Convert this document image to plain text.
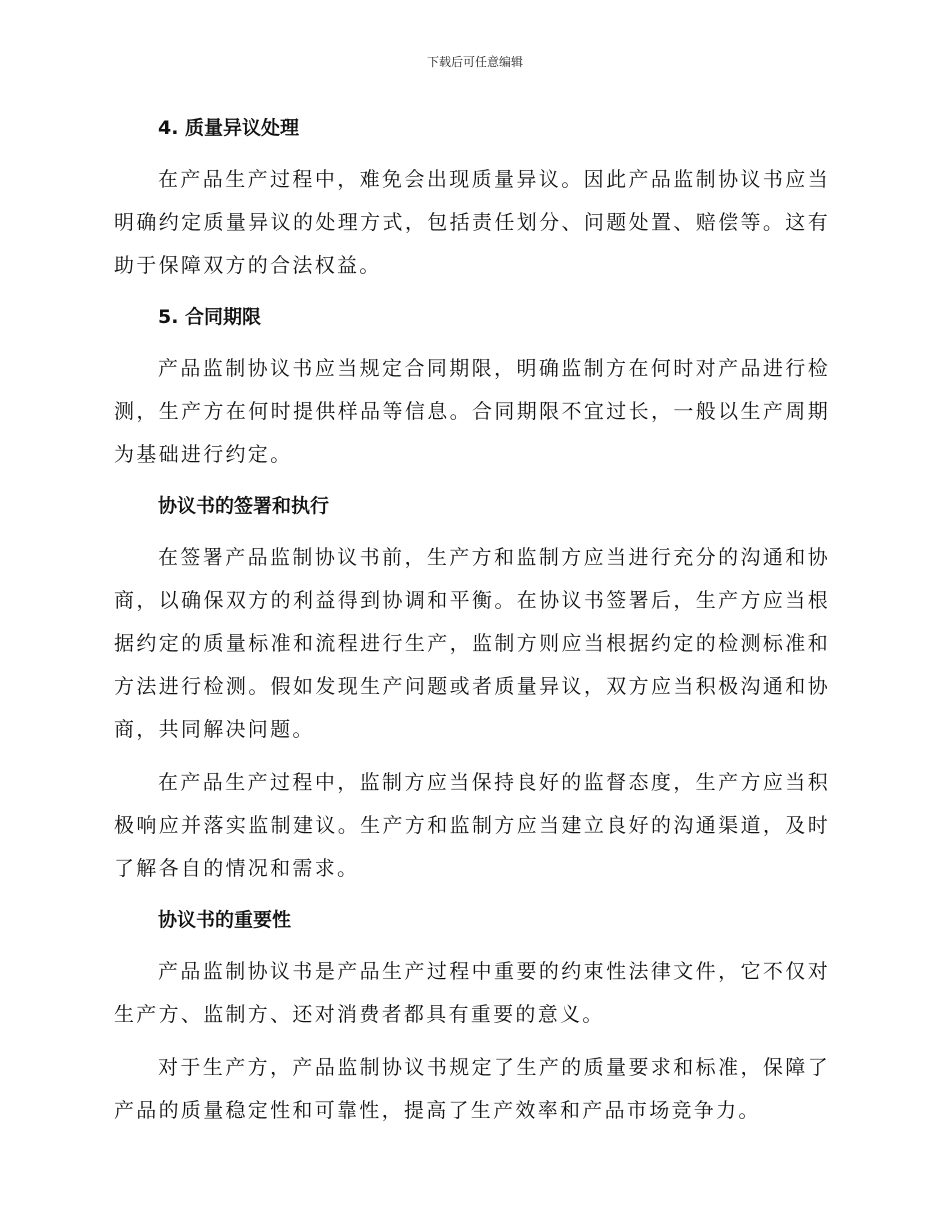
下载后可任意编辑
4. 质量异议处理

在产品生产过程中，难免会出现质量异议。因此产品监制协议书应当明确约定质量异议的处理方式，包括责任划分、问题处置、赔偿等。这有助于保障双方的合法权益。

5. 合同期限

产品监制协议书应当规定合同期限，明确监制方在何时对产品进行检测，生产方在何时提供样品等信息。合同期限不宜过长，一般以生产周期为基础进行约定。

协议书的签署和执行

在签署产品监制协议书前，生产方和监制方应当进行充分的沟通和协商，以确保双方的利益得到协调和平衡。在协议书签署后，生产方应当根据约定的质量标准和流程进行生产，监制方则应当根据约定的检测标准和方法进行检测。假如发现生产问题或者质量异议，双方应当积极沟通和协商，共同解决问题。

在产品生产过程中，监制方应当保持良好的监督态度，生产方应当积极响应并落实监制建议。生产方和监制方应当建立良好的沟通渠道，及时了解各自的情况和需求。

协议书的重要性

产品监制协议书是产品生产过程中重要的约束性法律文件，它不仅对生产方、监制方、还对消费者都具有重要的意义。

对于生产方，产品监制协议书规定了生产的质量要求和标准，保障了产品的质量稳定性和可靠性，提高了生产效率和产品市场竞争力。
